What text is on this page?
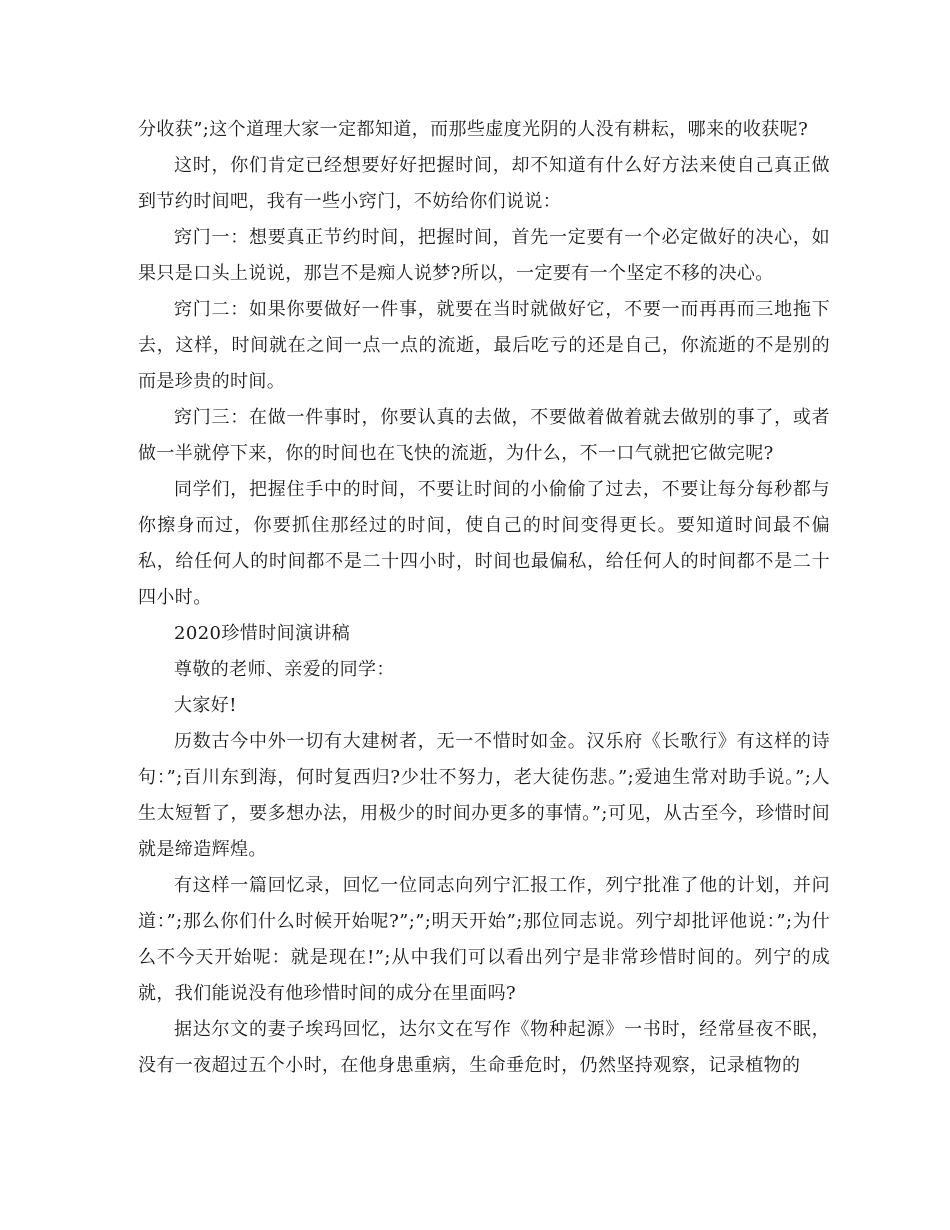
分收获”;这个道理大家一定都知道，而那些虚度光阴的人没有耕耘，哪来的收获呢?

这时，你们肯定已经想要好好把握时间，却不知道有什么好方法来使自己真正做到节约时间吧，我有一些小窍门，不妨给你们说说：

窍门一：想要真正节约时间，把握时间，首先一定要有一个必定做好的决心，如果只是口头上说说，那岂不是痴人说梦?所以，一定要有一个坚定不移的决心。

窍门二：如果你要做好一件事，就要在当时就做好它，不要一而再再而三地拖下去，这样，时间就在之间一点一点的流逝，最后吃亏的还是自己，你流逝的不是别的而是珍贵的时间。

窍门三：在做一件事时，你要认真的去做，不要做着做着就去做别的事了，或者做一半就停下来，你的时间也在飞快的流逝，为什么，不一口气就把它做完呢?

同学们，把握住手中的时间，不要让时间的小偷偷了过去，不要让每分每秒都与你擦身而过，你要抓住那经过的时间，使自己的时间变得更长。要知道时间最不偏私，给任何人的时间都不是二十四小时，时间也最偏私，给任何人的时间都不是二十四小时。

2020珍惜时间演讲稿

尊敬的老师、亲爱的同学：

大家好!

历数古今中外一切有大建树者，无一不惜时如金。汉乐府《长歌行》有这样的诗句：”;百川东到海，何时复西归?少壮不努力，老大徒伤悲。”;爱迪生常对助手说。”;人生太短暂了，要多想办法，用极少的时间办更多的事情。”;可见，从古至今，珍惜时间就是缔造辉煌。

有这样一篇回忆录，回忆一位同志向列宁汇报工作，列宁批准了他的计划，并问道：”;那么你们什么时候开始呢?”;”;明天开始”;那位同志说。列宁却批评他说：”;为什么不今天开始呢：就是现在!”;从中我们可以看出列宁是非常珍惜时间的。列宁的成就，我们能说没有他珍惜时间的成分在里面吗?

据达尔文的妻子埃玛回忆，达尔文在写作《物种起源》一书时，经常昼夜不眠，没有一夜超过五个小时，在他身患重病，生命垂危时，仍然坚持观察，记录植物的
